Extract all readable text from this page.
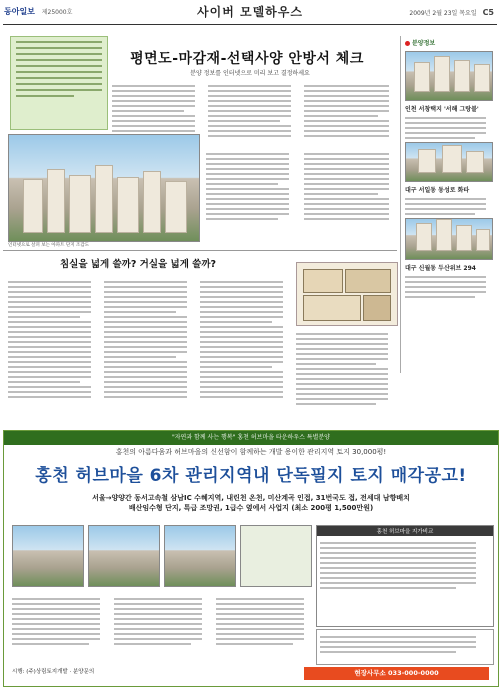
동아일보 제25000호	사이버 모델하우스	2009년 2월 23일 목요일 C5
평면도-마감재-선택사양 안방서 체크
분양 정보를 인터넷으로 미리 보고 결정하세요
인터넷으로 살펴 보는 아파트 단지 조감도
침실을 넓게 쓸까? 거실을 넓게 쓸까?
분양정보
인천 서창택지 '서해 그랑블'
대구 서일동 동성로 화타
대구 신월동 두산위브 294
"자연과 함께 사는 행복" 홍천 허브마을 타운하우스 특별분양
홍천의 아름다움과 허브마을의 신선함이 함께하는 개발 용이한 관리지역 토지 30,000평!
홍천 허브마을 6차 관리지역내 단독필지 토지 매각공고!
서울→양양간 동서고속철 삼남IC 수혜지역, 내린천 온천, 미산계곡 인접, 31번국도 접, 전세대 남향배치
배산임수형 단지, 특급 조망권, 1급수 옆에서 사업지 (최소 200평 1,500만원)
홍천 허브마을 지가비교
시행: (주)상림토지개발 · 분양문의	현장사무소 033-000-0000
